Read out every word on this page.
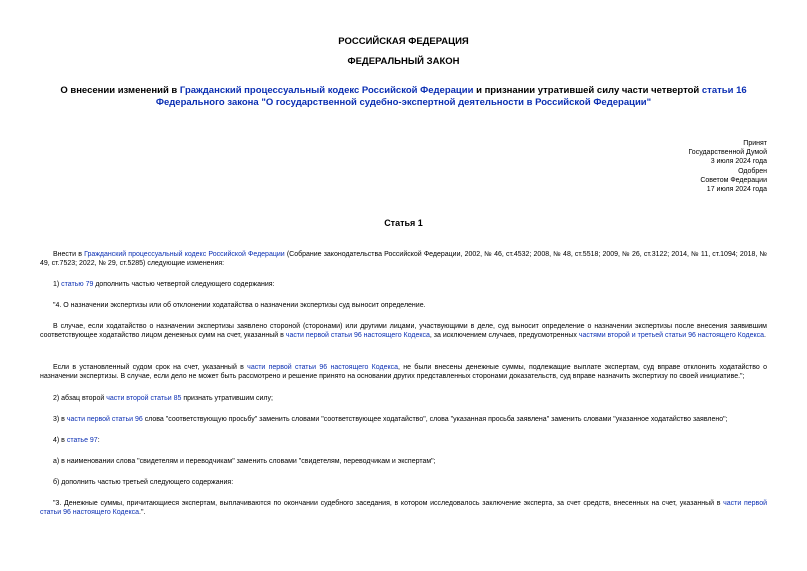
РОССИЙСКАЯ ФЕДЕРАЦИЯ
ФЕДЕРАЛЬНЫЙ ЗАКОН
О внесении изменений в Гражданский процессуальный кодекс Российской Федерации и признании утратившей силу части четвертой статьи 16 Федерального закона "О государственной судебно-экспертной деятельности в Российской Федерации"
Принят
Государственной Думой
3 июля 2024 года
Одобрен
Советом Федерации
17 июля 2024 года
Статья 1
Внести в Гражданский процессуальный кодекс Российской Федерации (Собрание законодательства Российской Федерации, 2002, № 46, ст.4532; 2008, № 48, ст.5518; 2009, № 26, ст.3122; 2014, № 11, ст.1094; 2018, № 49, ст.7523; 2022, № 29, ст.5285) следующие изменения:
1) статью 79 дополнить частью четвертой следующего содержания:
"4. О назначении экспертизы или об отклонении ходатайства о назначении экспертизы суд выносит определение.
В случае, если ходатайство о назначении экспертизы заявлено стороной (сторонами) или другими лицами, участвующими в деле, суд выносит определение о назначении экспертизы после внесения заявившим соответствующее ходатайство лицом денежных сумм на счет, указанный в части первой статьи 96 настоящего Кодекса, за исключением случаев, предусмотренных частями второй и третьей статьи 96 настоящего Кодекса.
Если в установленный судом срок на счет, указанный в части первой статьи 96 настоящего Кодекса, не были внесены денежные суммы, подлежащие выплате экспертам, суд вправе отклонить ходатайство о назначении экспертизы. В случае, если дело не может быть рассмотрено и решение принято на основании других представленных сторонами доказательств, суд вправе назначить экспертизу по своей инициативе.";
2) абзац второй части второй статьи 85 признать утратившим силу;
3) в части первой статьи 96 слова "соответствующую просьбу" заменить словами "соответствующее ходатайство", слова "указанная просьба заявлена" заменить словами "указанное ходатайство заявлено";
4) в статье 97:
а) в наименовании слова "свидетелям и переводчикам" заменить словами "свидетелям, переводчикам и экспертам";
б) дополнить частью третьей следующего содержания:
"3. Денежные суммы, причитающиеся экспертам, выплачиваются по окончании судебного заседания, в котором исследовалось заключение эксперта, за счет средств, внесенных на счет, указанный в части первой статьи 96 настоящего Кодекса.".
